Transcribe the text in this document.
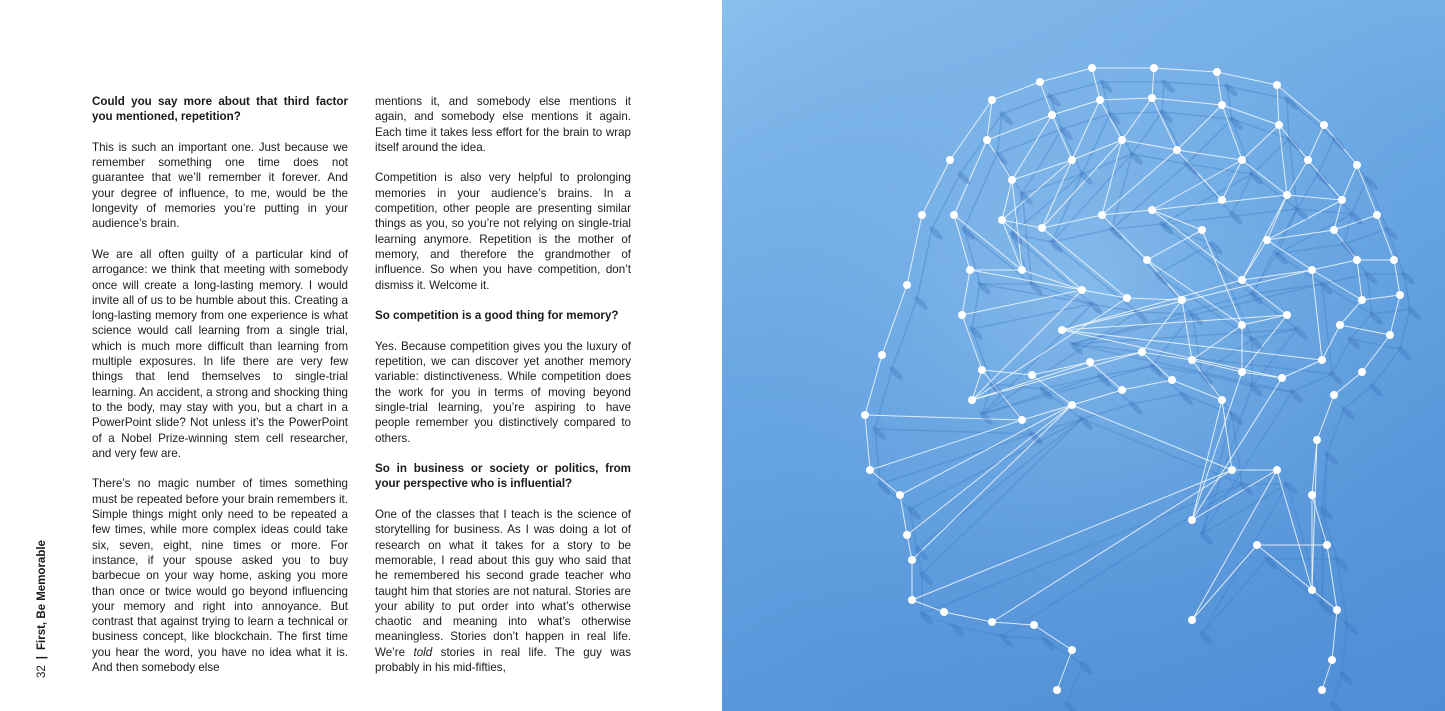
Could you say more about that third factor you mentioned, repetition?

This is such an important one. Just because we remember something one time does not guarantee that we’ll remember it forever. And your degree of influence, to me, would be the longevity of memories you’re putting in your audience’s brain.

We are all often guilty of a particular kind of arrogance: we think that meeting with somebody once will create a long-lasting memory. I would invite all of us to be humble about this. Creating a long-lasting memory from one experience is what science would call learning from a single trial, which is much more difficult than learning from multiple exposures. In life there are very few things that lend themselves to single-trial learning. An accident, a strong and shocking thing to the body, may stay with you, but a chart in a PowerPoint slide? Not unless it’s the PowerPoint of a Nobel Prize-winning stem cell researcher, and very few are.

There’s no magic number of times something must be repeated before your brain remembers it. Simple things might only need to be repeated a few times, while more complex ideas could take six, seven, eight, nine times or more. For instance, if your spouse asked you to buy barbecue on your way home, asking you more than once or twice would go beyond influencing your memory and right into annoyance. But contrast that against trying to learn a technical or business concept, like blockchain. The first time you hear the word, you have no idea what it is. And then somebody else

mentions it, and somebody else mentions it again, and somebody else mentions it again. Each time it takes less effort for the brain to wrap itself around the idea.

Competition is also very helpful to prolonging memories in your audience’s brains. In a competition, other people are presenting similar things as you, so you’re not relying on single-trial learning anymore. Repetition is the mother of memory, and therefore the grandmother of influence. So when you have competition, don’t dismiss it. Welcome it.

So competition is a good thing for memory?

Yes. Because competition gives you the luxury of repetition, we can discover yet another memory variable: distinctiveness. While competition does the work for you in terms of moving beyond single-trial learning, you’re aspiring to have people remember you distinctively compared to others.

So in business or society or politics, from your perspective who is influential?

One of the classes that I teach is the science of storytelling for business. As I was doing a lot of research on what it takes for a story to be memorable, I read about this guy who said that he remembered his second grade teacher who taught him that stories are not natural. Stories are your ability to put order into what’s otherwise chaotic and meaning into what’s otherwise meaningless. Stories don’t happen in real life. We’re told stories in real life. The guy was probably in his mid-fifties,

32|First, Be Memorable
